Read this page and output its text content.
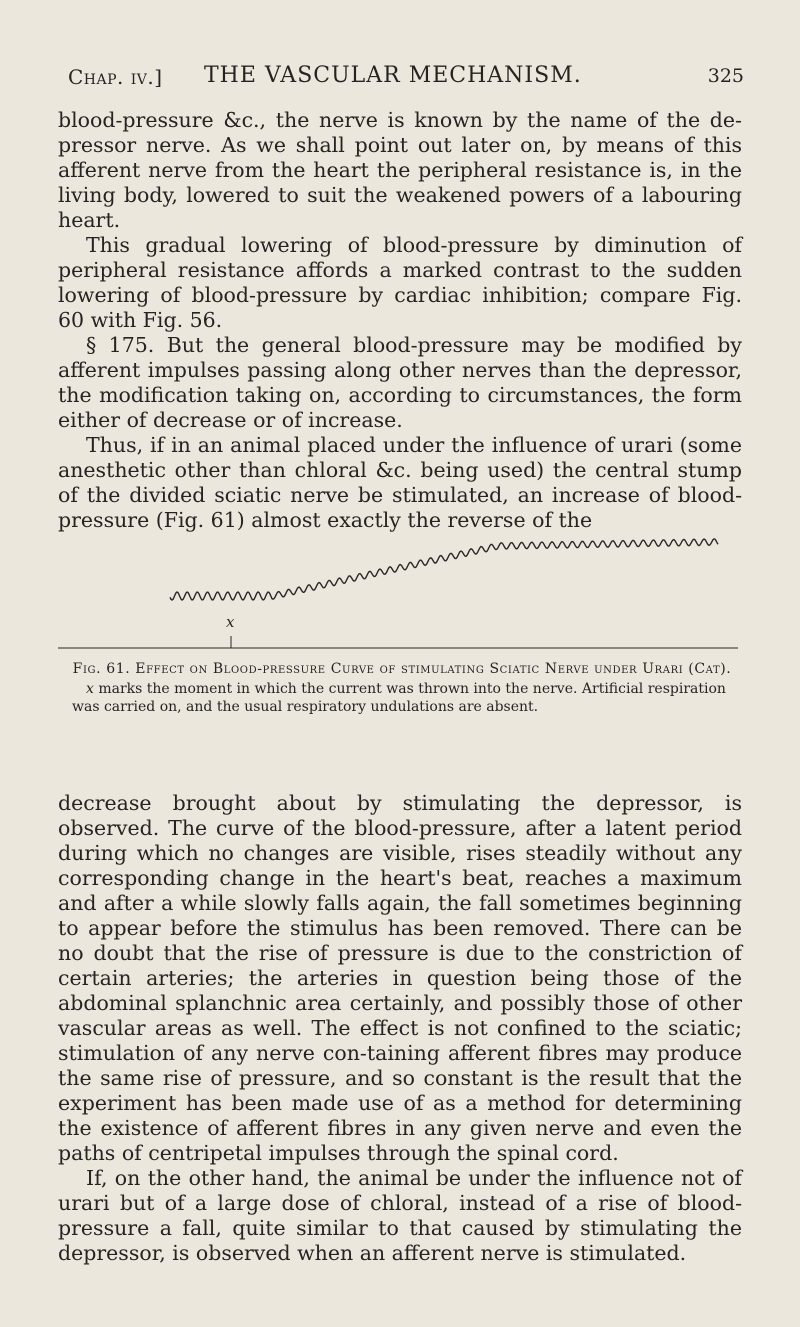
Chap. iv.] THE VASCULAR MECHANISM.	325

blood-pressure &c., the nerve is known by the name of the de-pressor nerve. As we shall point out later on, by means of this afferent nerve from the heart the peripheral resistance is, in the living body, lowered to suit the weakened powers of a labouring heart.

This gradual lowering of blood-pressure by diminution of peripheral resistance affords a marked contrast to the sudden lowering of blood-pressure by cardiac inhibition; compare Fig. 60 with Fig. 56.

§ 175. But the general blood-pressure may be modified by afferent impulses passing along other nerves than the depressor, the modification taking on, according to circumstances, the form either of decrease or of increase.

Thus, if in an animal placed under the influence of urari (some anesthetic other than chloral &c. being used) the central stump of the divided sciatic nerve be stimulated, an increase of blood-pressure (Fig. 61) almost exactly the reverse of the

x
Fig. 61. Effect on Blood-pressure Curve of stimulating Sciatic Nerve under Urari (Cat).
x marks the moment in which the current was thrown into the nerve. Artificial respiration was carried on, and the usual respiratory undulations are absent.

decrease brought about by stimulating the depressor, is observed. The curve of the blood-pressure, after a latent period during which no changes are visible, rises steadily without any corresponding change in the heart's beat, reaches a maximum and after a while slowly falls again, the fall sometimes beginning to appear before the stimulus has been removed. There can be no doubt that the rise of pressure is due to the constriction of certain arteries; the arteries in question being those of the abdominal splanchnic area certainly, and possibly those of other vascular areas as well. The effect is not confined to the sciatic; stimulation of any nerve con-taining afferent fibres may produce the same rise of pressure, and so constant is the result that the experiment has been made use of as a method for determining the existence of afferent fibres in any given nerve and even the paths of centripetal impulses through the spinal cord.

If, on the other hand, the animal be under the influence not of urari but of a large dose of chloral, instead of a rise of blood-pressure a fall, quite similar to that caused by stimulating the depressor, is observed when an afferent nerve is stimulated.
